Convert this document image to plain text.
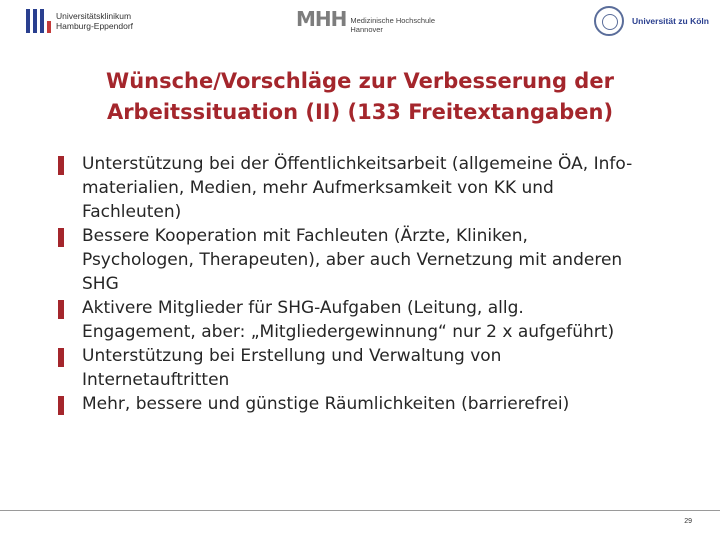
Universitätsklinikum
Hamburg-Eppendorf	MHH Medizinische Hochschule
Hannover
Universität zu Köln
Wünsche/Vorschläge zur Verbesserung der
Arbeitssituation (II) (133 Freitextangaben)
Unterstützung bei der Öffentlichkeitsarbeit (allgemeine ÖA, Info-
materialien, Medien, mehr Aufmerksamkeit von KK und
Fachleuten)
Bessere Kooperation mit Fachleuten (Ärzte, Kliniken,
Psychologen, Therapeuten), aber auch Vernetzung mit anderen
SHG
Aktivere Mitglieder für SHG-Aufgaben (Leitung, allg.
Engagement, aber: „Mitgliedergewinnung“ nur 2 x aufgeführt)
Unterstützung bei Erstellung und Verwaltung von
Internetauftritten
Mehr, bessere und günstige Räumlichkeiten (barrierefrei)
29
